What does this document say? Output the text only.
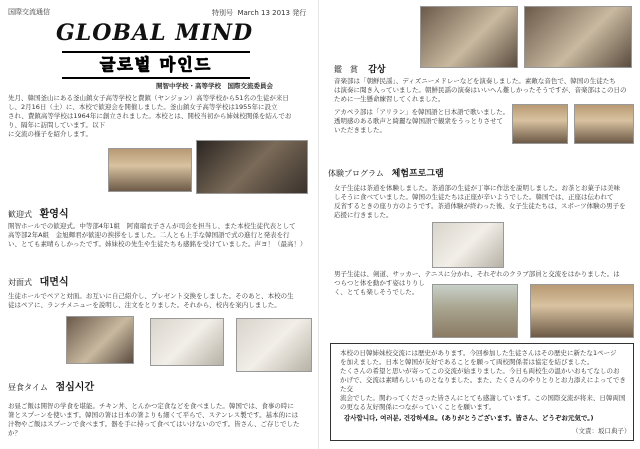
国際交流通信	特別号 March 13 2013 発行
GLOBAL MIND
글로벌 마인드
開智中学校・高等学校　国際交流委員会
先月、韓国釜山にある釜山鎮女子高等学校と費鎮（ヤンジョン）高等学校から51名の生徒が来日
し、2月16日（土）に、本校で歓迎会を開催しました。釜山鎮女子高等学校は1955年に設立
され、費鎮高等学校は1964年に創立されました。本校とは、開校当初から姉妹校関係を結んでお
り、隔年に訪問しています。以下
に交流の様子を紹介します。
歓迎式 환영식
開智ホールでの歓迎式。中等部4年1組　阿南瑠衣子さんが司会を担当し、また本校生徒代表として
高等部2年A組　金旭輝君が歓迎の挨拶をしました。二人とも上手な韓国語で式の進行と発表を行
い、とても素晴らしかったです。姉妹校の先生や生徒たちも感銘を受けていました。声ヨ！（最高！）
対面式 대면식
生徒ホールでペアと対面。お互いに自己紹介し、プレゼント交換をしました。そのあと、本校の生
徒はペアに、ランチメニューを説明し、注文をとりました。それから、校内を案内しました。
昼食タイム 점심시간
お昼ご飯は開智の学食を堪能。チキン丼、とんかつ定食などを食べました。韓国では、食事の時に
箸とスプーンを使います。韓国の箸は日本の箸よりも細くて平らで、ステンレス製です。基本的には
汁物やご飯はスプーンで食べます。器を手に持って食べてはいけないのです。皆さん、ご存じでした
か？
鑑　賞 감상
音楽部は「朝鮮民謡」、ディズニーメドレーなどを演奏しました。素敵な音色で、韓国の生徒たち
は演奏に聞き入っていました。朝鮮民謡の演奏はいいへん難しかったそうですが、音楽部はこの日の
ために一生懸命練習してくれました。
アカペラ部は「アリラン」を韓国語と日本語で歌いました。
透明感のある歌声と綺麗な韓国語で観衆をうっとりさせて
いただきました。
体験プログラム 체험프로그램
女子生徒は茶道を体験しました。茶道部の生徒が丁寧に作法を説明しました。お茶とお菓子は美味
しそうに食べていました。韓国の生徒たちは正座が辛いようでした。韓国では、正座は伝われて
反省するときの座り方のようです。茶道体験が終わった後、女子生徒たちは、スポーツ体験の男子を
応援に行きました。
男子生徒は、剣道、サッカー、テニスに分かれ、それぞれのクラブ部員と交流をはかりました。は
つらつと体を動かす姿はりりし
く、とても楽しそうでした。
本校の日韓姉妹校交流には歴史があります。今回参加した生徒さんはその歴史に新たな1ページ
を加えました。日本と韓国が友好であることを願って両校関係者は協定を結びました。
たくさんの希望と思いが寄ってこの交流が始まりました。今日も両校生の温かいおもてなしのお
かげで、交流は素晴らしいものとなりました。また、たくさんのやりとりとお力添えによってできた交
流会でした。関わってくださった皆さんにとても感謝しています。この国際交流が将来、日韓両国
の更なる友好関係につながっていくことを願います。
감사합니다, 여러분, 건강하세요。(ありがとうございます。皆さん、どうぞお元気で。)
（文責：坂口典子）
